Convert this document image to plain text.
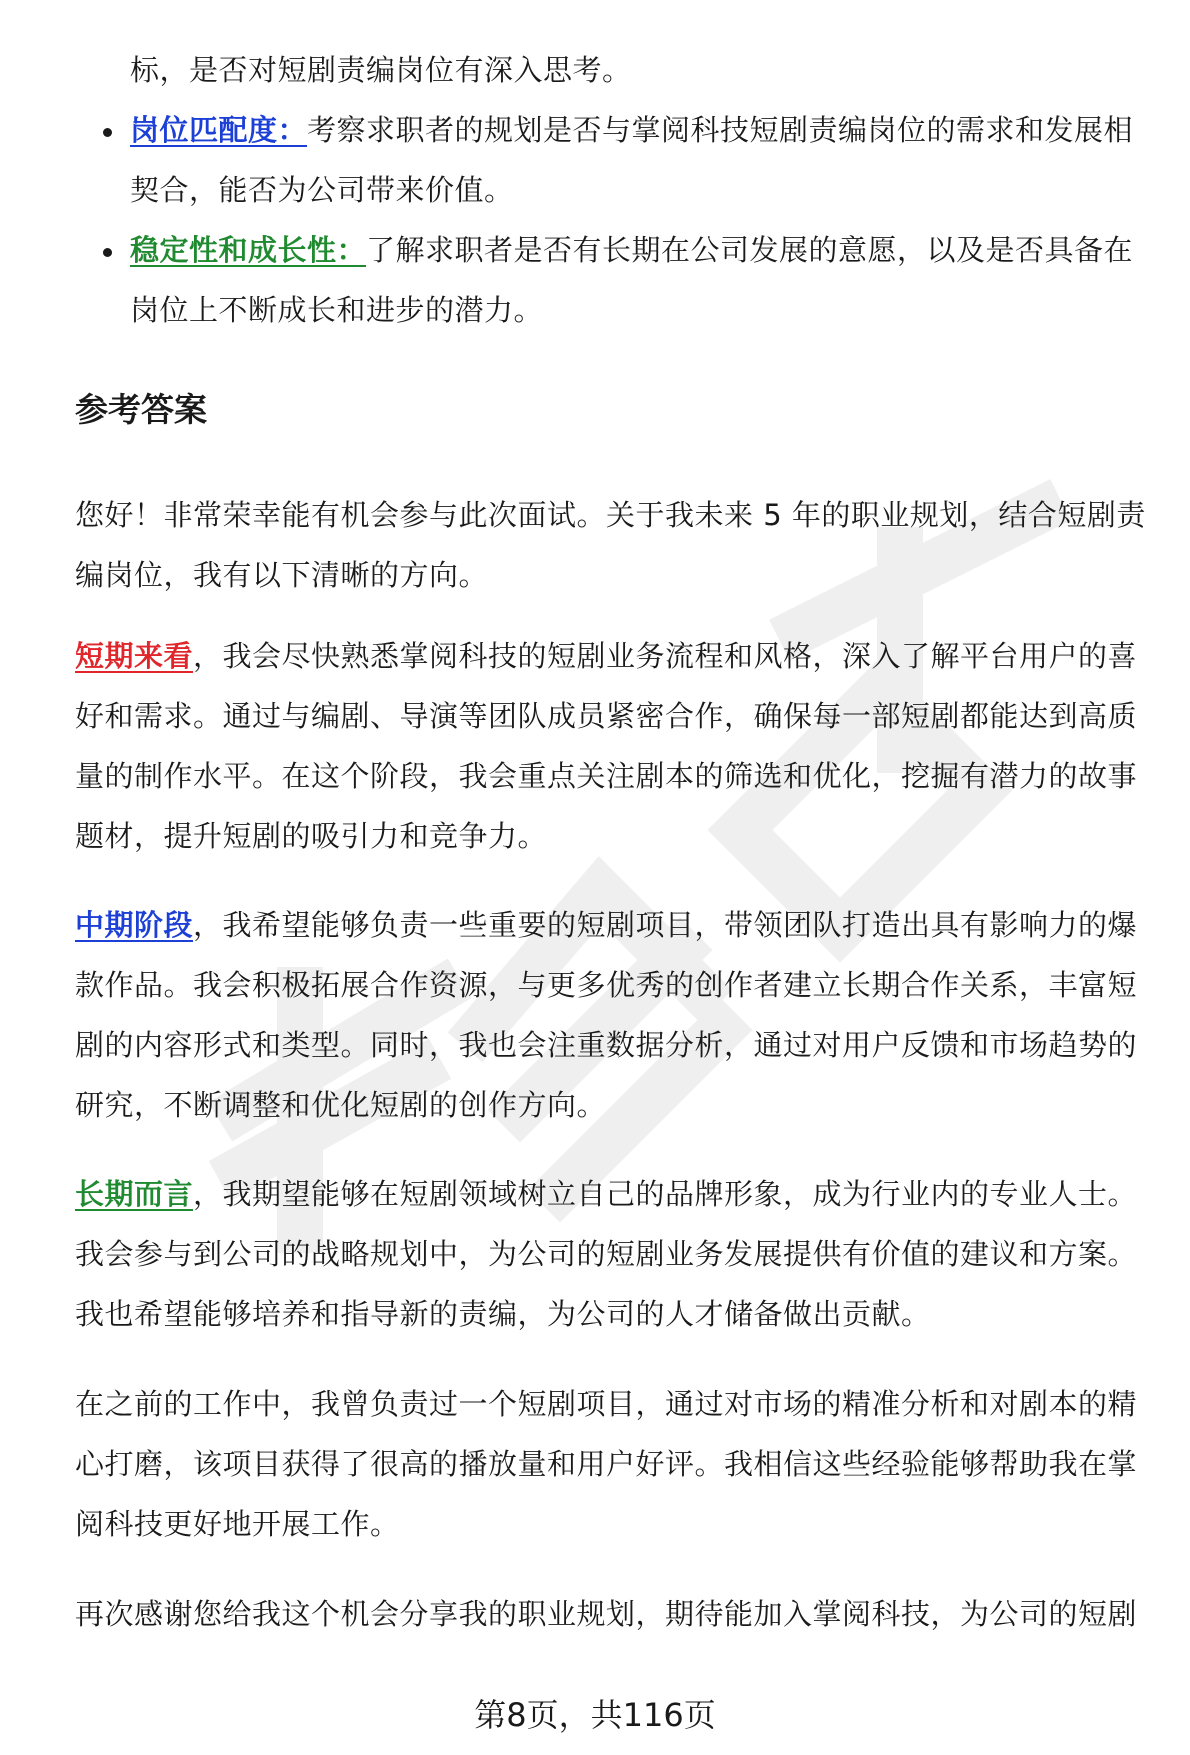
标，是否对短剧责编岗位有深入思考。
岗位匹配度：考察求职者的规划是否与掌阅科技短剧责编岗位的需求和发展相
契合，能否为公司带来价值。
稳定性和成长性：了解求职者是否有长期在公司发展的意愿，以及是否具备在
岗位上不断成长和进步的潜力。
参考答案
您好！非常荣幸能有机会参与此次面试。关于我未来 5 年的职业规划，结合短剧责
编岗位，我有以下清晰的方向。
短期来看，我会尽快熟悉掌阅科技的短剧业务流程和风格，深入了解平台用户的喜
好和需求。通过与编剧、导演等团队成员紧密合作，确保每一部短剧都能达到高质
量的制作水平。在这个阶段，我会重点关注剧本的筛选和优化，挖掘有潜力的故事
题材，提升短剧的吸引力和竞争力。
中期阶段，我希望能够负责一些重要的短剧项目，带领团队打造出具有影响力的爆
款作品。我会积极拓展合作资源，与更多优秀的创作者建立长期合作关系，丰富短
剧的内容形式和类型。同时，我也会注重数据分析，通过对用户反馈和市场趋势的
研究，不断调整和优化短剧的创作方向。
长期而言，我期望能够在短剧领域树立自己的品牌形象，成为行业内的专业人士。
我会参与到公司的战略规划中，为公司的短剧业务发展提供有价值的建议和方案。
我也希望能够培养和指导新的责编，为公司的人才储备做出贡献。
在之前的工作中，我曾负责过一个短剧项目，通过对市场的精准分析和对剧本的精
心打磨，该项目获得了很高的播放量和用户好评。我相信这些经验能够帮助我在掌
阅科技更好地开展工作。
再次感谢您给我这个机会分享我的职业规划，期待能加入掌阅科技，为公司的短剧
第8页，共116页
